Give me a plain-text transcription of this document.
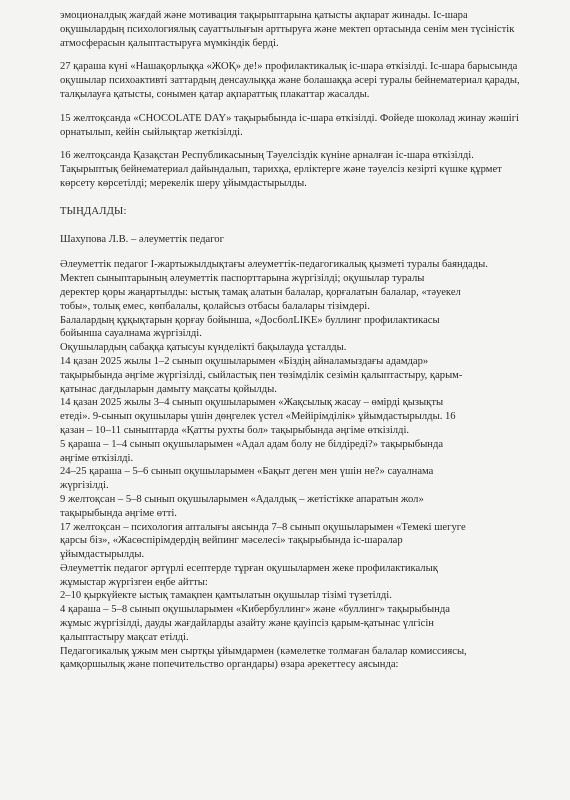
эмоционалдық жағдай және мотивация тақырыптарына қатысты ақпарат жинады. Іс-шара оқушылардың психологиялық сауаттылығын арттыруға және мектеп ортасында сенім мен түсіністік атмосферасын қалыптастыруға мүмкіндік берді.

27 қараша күні «Нашақорлыққа «ЖОҚ» де!» профилактикалық іс-шара өткізілді. Іс-шара барысында оқушылар психоактивті заттардың денсаулыққа және болашаққа әсері туралы бейнематериал қарады, талқылауға қатысты, сонымен қатар ақпараттық плакаттар жасалды.

15 желтоқсанда «CHOCOLATE DAY» тақырыбында іс-шара өткізілді. Фойеде шоколад жинау жәшігі орнатылып, кейін сыйлықтар жеткізілді.

16 желтоқсанда Қазақстан Республикасының Тәуелсіздік күніне арналған іс-шара өткізілді. Тақырыптық бейнематериал дайындалып, тарихқа, ерліктерге және тәуелсіз кезірті күшке құрмет көрсету көрсетілді; мерекелік шеру ұйымдастырылды.

ТЫҢДАЛДЫ:

Шахупова Л.В. – әлеуметтік педагог

Әлеуметтік педагог І-жартыжылдықтағы әлеуметтік-педагогикалық қызметі туралы баяндады.

Мектеп сыныптарының әлеуметтік паспорттарына жүргізілді; оқушылар туралы

деректер қоры жаңартылды: ыстық тамақ алатын балалар, қорғалатын балалар, «тәуекел

тобы», толық емес, көпбалалы, қолайсыз отбасы балалары тізімдері.

Балалардың құқықтарын қорғау бойынша, «ДосболLIKE» буллинг профилактикасы

бойынша сауалнама жүргізілді.

Оқушылардың сабаққа қатысуы күнделікті бақылауда ұсталды.

14 қазан 2025 жылы 1–2 сынып оқушыларымен «Біздің айналамыздағы адамдар»

тақырыбында әңгіме жүргізілді, сыйластық пен төзімділік сезімін қалыптастыру, қарым-

қатынас дағдыларын дамыту мақсаты қойылды.

14 қазан 2025 жылы 3–4 сынып оқушыларымен «Жақсылық жасау – өмірді қызықты

етеді». 9-сынып оқушылары үшін дөңгелек үстел «Мейірімділік» ұйымдастырылды. 16

қазан – 10–11 сыныптарда «Қатты рухты бол» тақырыбында әңгіме өткізілді.

5 қараша – 1–4 сынып оқушыларымен «Адал адам болу не білдіреді?» тақырыбында

әңгіме өткізілді.

24–25 қараша – 5–6 сынып оқушыларымен «Бақыт деген мен үшін не?» сауалнама

жүргізілді.

9 желтоқсан – 5–8 сынып оқушыларымен «Адалдық – жетістікке апаратын жол»

тақырыбында әңгіме өтті.

17 желтоқсан – психология апталығы аясында 7–8 сынып оқушыларымен «Темекі шегуге

қарсы біз», «Жасөспірімдердің вейпинг мәселесі» тақырыбында іс-шаралар

ұйымдастырылды.

Әлеуметтік педагог әртүрлі есептерде тұрған оқушылармен жеке профилактикалық

жұмыстар жүргізген еңбе айтты:

2–10 қыркүйекте ыстық тамақпен қамтылатын оқушылар тізімі түзетілді.

4 қараша – 5–8 сынып оқушыларымен «Кибербуллинг» және «буллинг» тақырыбында

жұмыс жүргізілді, дауды жағдайларды азайту және қауіпсіз қарым-қатынас үлгісін

қалыптастыру мақсат етілді.

Педагогикалық ұжым мен сыртқы ұйымдармен (кәмелетке толмаған балалар комиссиясы,

қамқоршылық және попечительство органдары) өзара әрекеттесу аясында:
